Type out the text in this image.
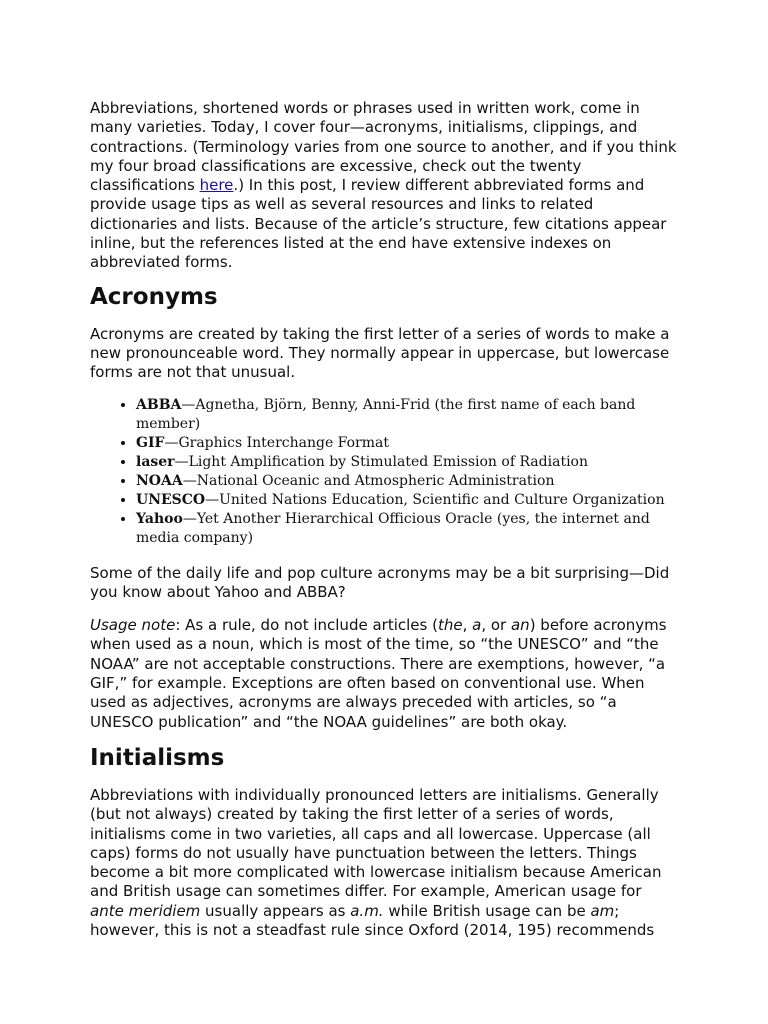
Abbreviations, shortened words or phrases used in written work, come in many varieties. Today, I cover four—acronyms, initialisms, clippings, and contractions. (Terminology varies from one source to another, and if you think my four broad classifications are excessive, check out the twenty classifications here.) In this post, I review different abbreviated forms and provide usage tips as well as several resources and links to related dictionaries and lists. Because of the article’s structure, few citations appear inline, but the references listed at the end have extensive indexes on abbreviated forms.

Acronyms

Acronyms are created by taking the first letter of a series of words to make a new pronounceable word. They normally appear in uppercase, but lowercase forms are not that unusual.

• ABBA—Agnetha, Björn, Benny, Anni-Frid (the first name of each band member)
• GIF—Graphics Interchange Format
• laser—Light Amplification by Stimulated Emission of Radiation
• NOAA—National Oceanic and Atmospheric Administration
• UNESCO—United Nations Education, Scientific and Culture Organization
• Yahoo—Yet Another Hierarchical Officious Oracle (yes, the internet and media company)

Some of the daily life and pop culture acronyms may be a bit surprising—Did you know about Yahoo and ABBA?

Usage note: As a rule, do not include articles (the, a, or an) before acronyms when used as a noun, which is most of the time, so “the UNESCO” and “the NOAA” are not acceptable constructions. There are exemptions, however, “a GIF,” for example. Exceptions are often based on conventional use. When used as adjectives, acronyms are always preceded with articles, so “a UNESCO publication” and “the NOAA guidelines” are both okay.

Initialisms

Abbreviations with individually pronounced letters are initialisms. Generally (but not always) created by taking the first letter of a series of words, initialisms come in two varieties, all caps and all lowercase. Uppercase (all caps) forms do not usually have punctuation between the letters. Things become a bit more complicated with lowercase initialism because American and British usage can sometimes differ. For example, American usage for ante meridiem usually appears as a.m. while British usage can be am; however, this is not a steadfast rule since Oxford (2014, 195) recommends
